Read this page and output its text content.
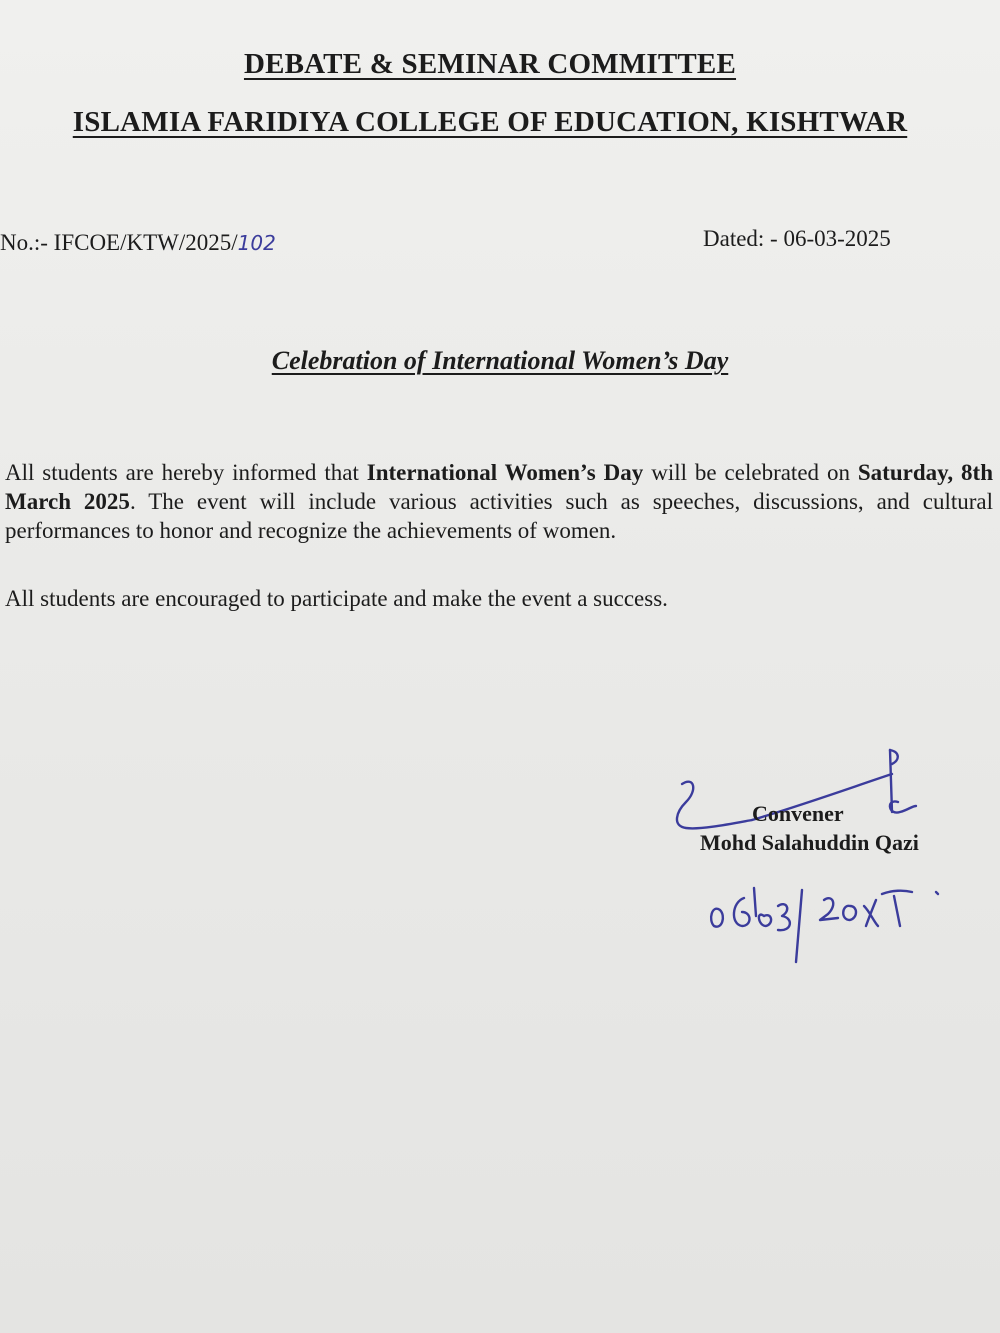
DEBATE & SEMINAR COMMITTEE
ISLAMIA FARIDIYA COLLEGE OF EDUCATION, KISHTWAR
No.:- IFCOE/KTW/2025/102	Dated: - 06-03-2025
Celebration of International Women’s Day
All students are hereby informed that International Women’s Day will be celebrated on Saturday, 8th March 2025. The event will include various activities such as speeches, discussions, and cultural performances to honor and recognize the achievements of women.
All students are encouraged to participate and make the event a success.
Convener
Mohd Salahuddin Qazi
